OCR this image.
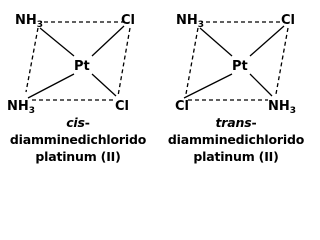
$NH_3$	Cl
Pt
$NH_3$	Cl
$NH_3$	Cl
Pt
Cl	$NH_3$
cis-diamminedichlorido
platinum (II)
trans-diamminedichlorido
platinum (II)
